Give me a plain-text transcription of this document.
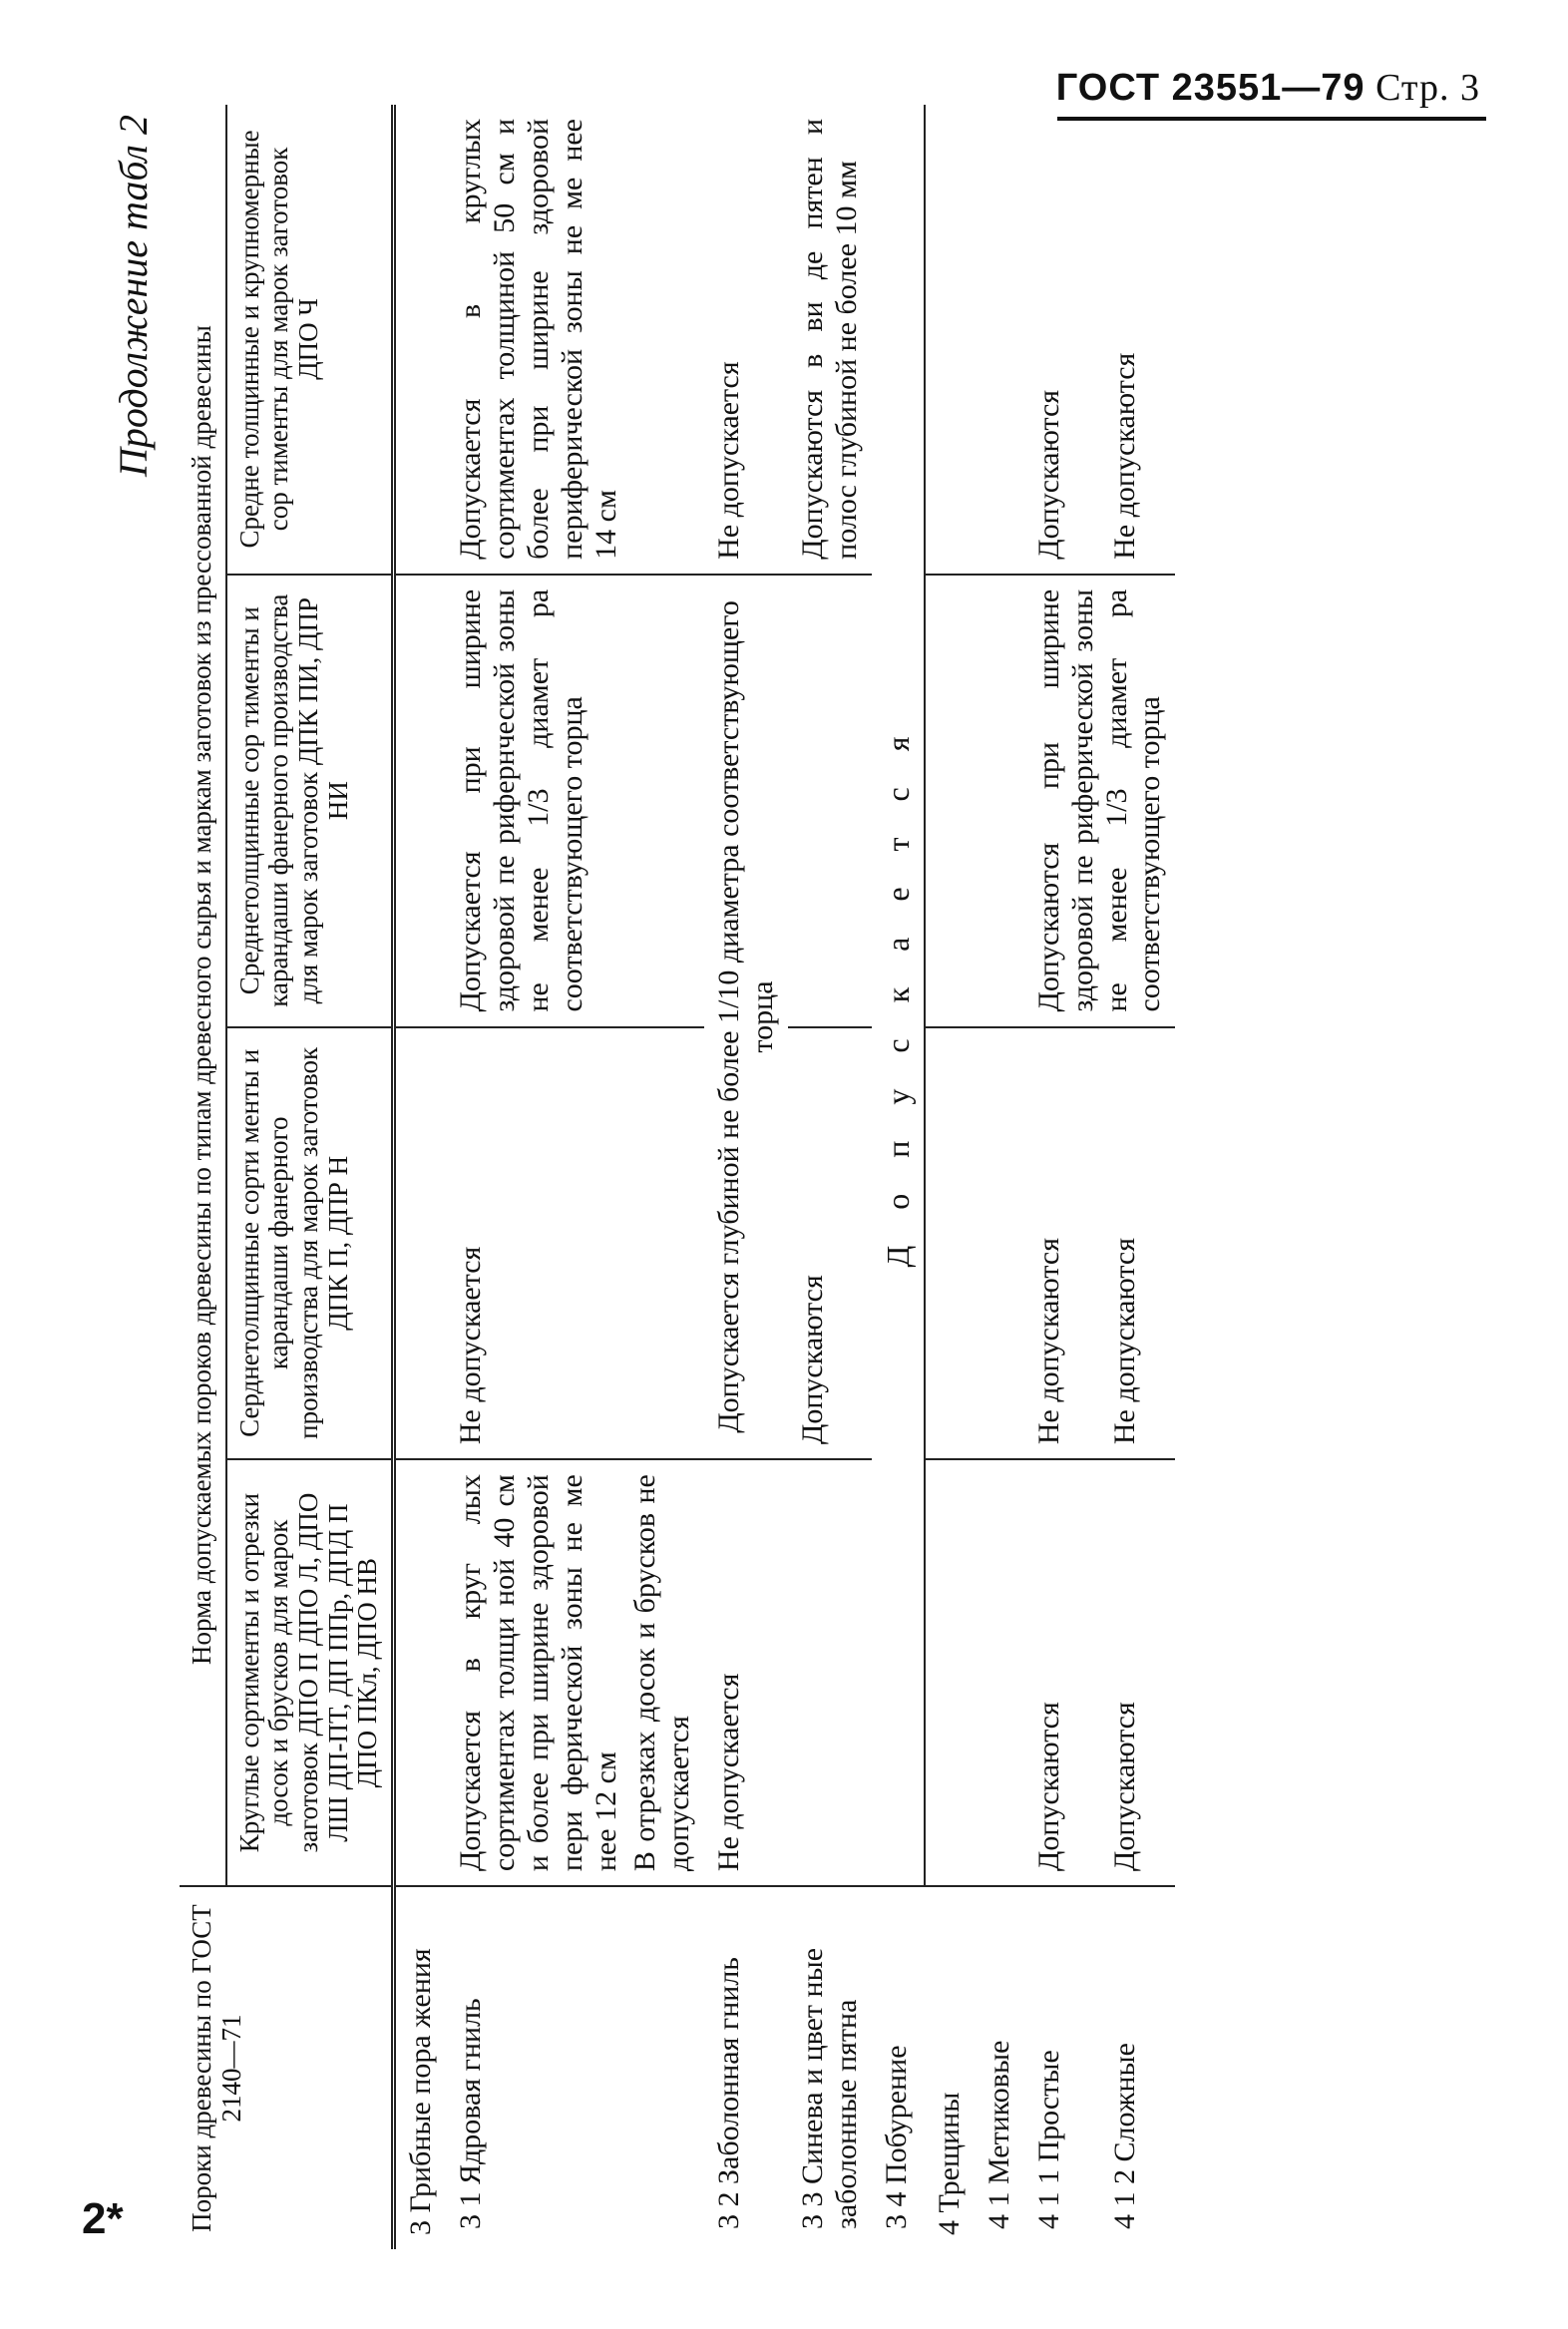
ГОСТ 23551—79 Стр. 3
2*
Продолжение табл 2
Пороки древесины по ГОСТ 2140—71	Норма допускаемых пороков древесины по типам древесного сырья и маркам заготовок из прессованной древесины			
	Круглые сортименты и отрезки досок и брусков для марок заготовок ДПО П ДПО Л, ДПО ЛШ ДП-ПТ, ДП ППр, ДПД П ДПО ПКл, ДПО НВ	Серднетолщинные сорти менты и карандаши фанерного производства для марок заготовок ДПК П, ДПР Н	Среднетолщинные сор тименты и карандаши фанерного производства для марок заготовок ДПК ПИ, ДПР НИ	Средне толщинные и крупномерные сор тименты для марок заготовок ДПО Ч
3 Грибные пора жения				
3 1 Ядровая гниль	Допускается в круг лых сортиментах толщи ной 40 см и более при ширине здоровой пери ферической зоны не ме нее 12 см В отрезках досок и брусков не допускается	Не допускается	Допускается при ширине здоровой пе рифернческой зоны не менее 1/3 диамет ра соответствующего торца	Допускается в круглых сортиментах толщиной 50 см и более при ширине здоровой периферической зоны не ме нее 14 см
3 2 Заболонная гниль	Не допускается	Допускается глубиной не более 1/10 диаметра соответствующего торца		Не допускается
3 3 Синева и цвет ные заболонные пятна		Допускаются		Допускаются в ви де пятен и полос глубиной не более 10 мм
3 4 Побурение	Д о п у с к а е т с я			
4 Трещины				
4 1 Метиковые				
4 1 1 Простые	Допускаются	Не допускаются	Допускаются при ширине здоровой пе риферической зоны не менее 1/3 диамет ра соответствующего торца	Допускаются
4 1 2 Сложные	Допускаются	Не допускаются		Не допускаются
